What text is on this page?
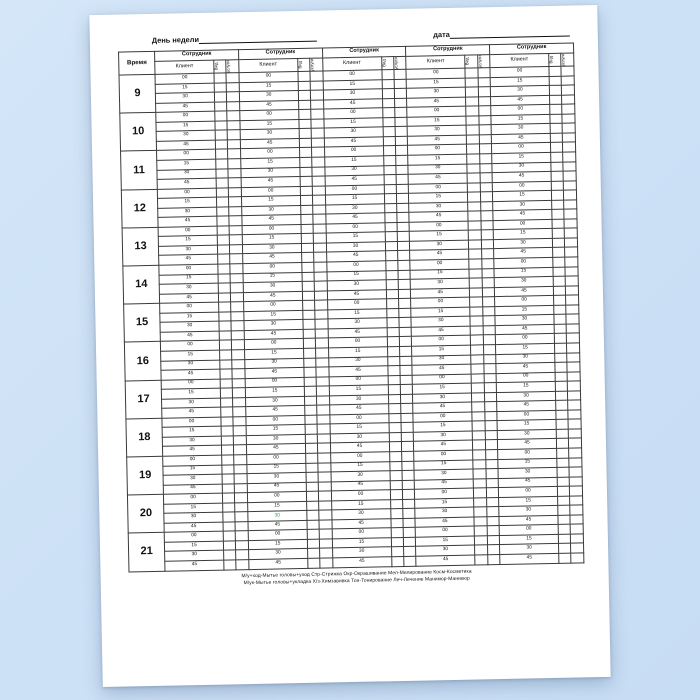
День недели
дата
Время	Сотрудник			Сотрудник			Сотрудник			Сотрудник			Сотрудник		
	Клиент	Вид	услуги	Клиент	Вид	услуги	Клиент	Вид	услуги	Клиент	Вид	услуги	Клиент	Вид	услуги

9	00			00			00			00			00		
	15			15			15			15			15		
	30			30			30			30			30		
	45			45			45			45			45		
10	00			00			00			00			00		
	15			15			15			15			15		
	30			30			30			30			30		
	45			45			45			45			45		
11	00			00			00			00			00		
	15			15			15			15			15		
	30			30			30			30			30		
	45			45			45			45			45		
12	00			00			00			00			00		
	15			15			15			15			15		
	30			30			30			30			30		
	45			45			45			45			45		
13	00			00			00			00			00		
	15			15			15			15			15		
	30			30			30			30			30		
	45			45			45			45			45		
14	00			00			00			00			00		
	15			15			15			15			15		
	30			30			30			30			30		
	45			45			45			45			45		
15	00			00			00			00			00		
	15			15			15			15			15		
	30			30			30			30			30		
	45			45			45			45			45		
16	00			00			00			00			00		
	15			15			15			15			15		
	30			30			30			30			30		
	45			45			45			45			45		
17	00			00			00			00			00		
	15			15			15			15			15		
	30			30			30			30			30		
	45			45			45			45			45		
18	00			00			00			00			00		
	15			15			15			15			15		
	30			30			30			30			30		
	45			45			45			45			45		
19	00			00			00			00			00		
	15			15			15			15			15		
	30			30			30			30			30		
	45			45			45			45			45		
20	00			00			00			00			00		
	15			15			15			15			15		
	30			30			30			30			30		
	45			45			45			45			45		
21	00			00			00			00			00		
	15			15			15			15			15		
	30			30			30			30			30		
	45			45			45			45			45		
М/у+ход-Мытье головы+уход Стр-Стрижка Окр-Окрашивание Мел-Мелирование Косм-Косметика
М/ук-Мытье головы+укладка Х/з-Химзавивка Тон-Тонирование Леч-Лечение Маникюр-Маникюр
